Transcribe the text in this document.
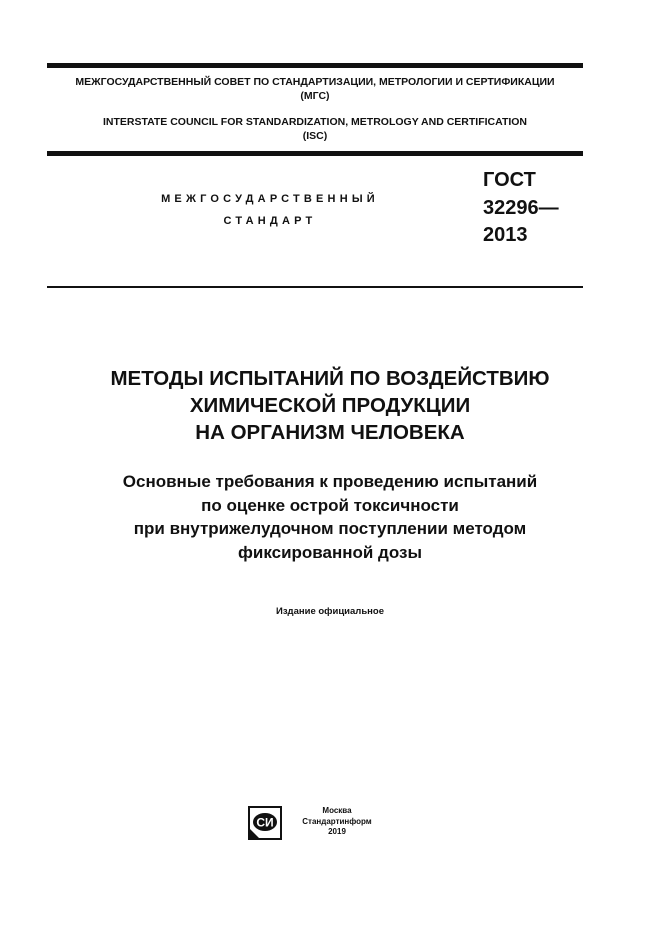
МЕЖГОСУДАРСТВЕННЫЙ СОВЕТ ПО СТАНДАРТИЗАЦИИ, МЕТРОЛОГИИ И СЕРТИФИКАЦИИ
(МГС)
INTERSTATE COUNCIL FOR STANDARDIZATION, METROLOGY AND CERTIFICATION
(ISC)
МЕЖГОСУДАРСТВЕННЫЙ
СТАНДАРТ
ГОСТ
32296—
2013
МЕТОДЫ ИСПЫТАНИЙ ПО ВОЗДЕЙСТВИЮ
ХИМИЧЕСКОЙ ПРОДУКЦИИ
НА ОРГАНИЗМ ЧЕЛОВЕКА
Основные требования к проведению испытаний
по оценке острой токсичности
при внутрижелудочном поступлении методом
фиксированной дозы
Издание официальное
СИ
Москва
Стандартинформ
2019
